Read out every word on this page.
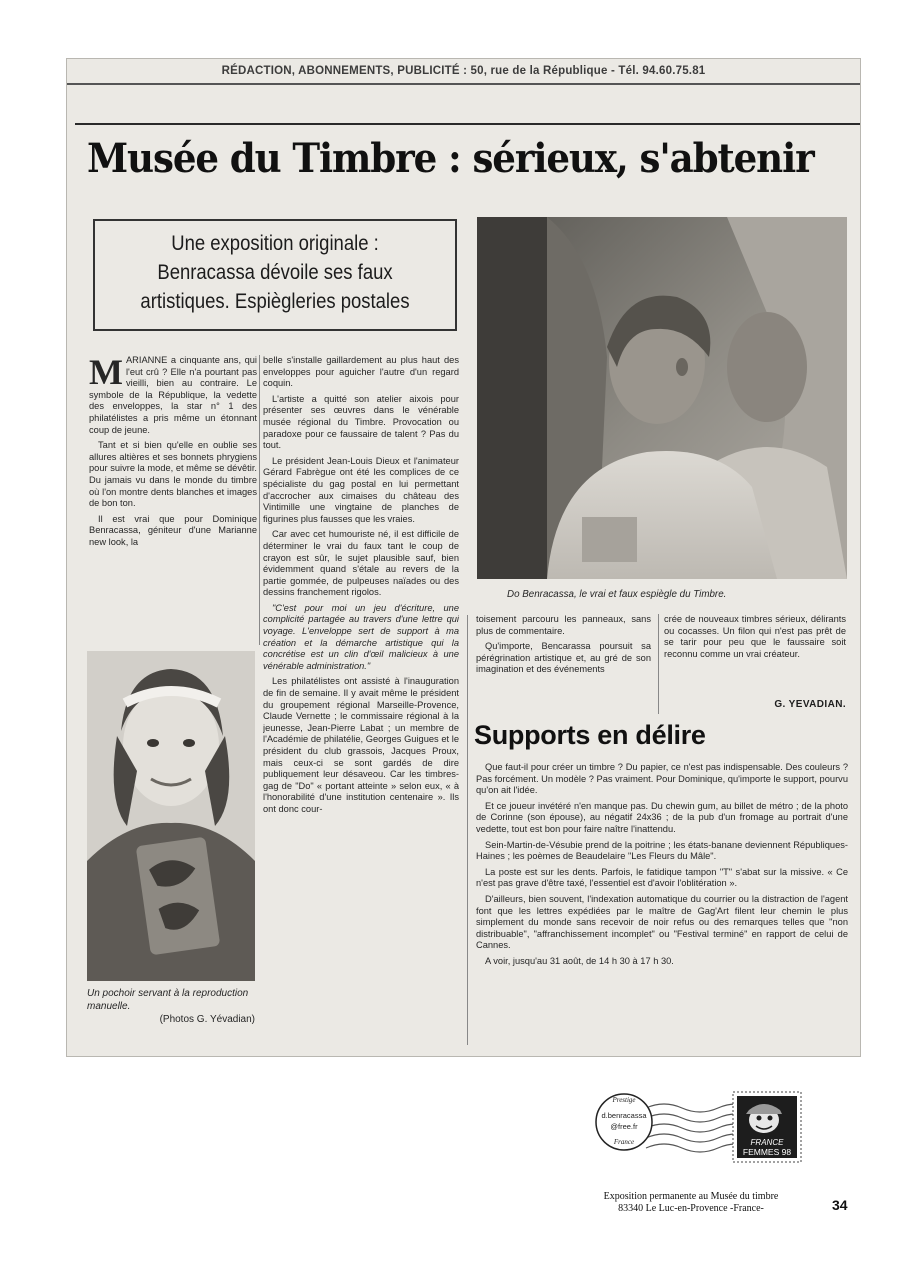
RÉDACTION, ABONNEMENTS, PUBLICITÉ : 50, rue de la République - Tél. 94.60.75.81
Musée du Timbre : sérieux, s'abtenir
Une exposition originale : Benracassa dévoile ses faux artistiques. Espiègleries postales

MARIANNE a cinquante ans, qui l'eut crû ? Elle n'a pourtant pas vieilli, bien au contraire. Le symbole de la République, la vedette des enveloppes, la star n° 1 des philatélistes a pris même un étonnant coup de jeune.

Tant et si bien qu'elle en oublie ses allures altières et ses bonnets phrygiens pour suivre la mode, et même se dévêtir. Du jamais vu dans le monde du timbre où l'on montre dents blanches et images de bon ton.

Il est vrai que pour Dominique Benracassa, géniteur d'une Marianne new look, la

belle s'installe gaillardement au plus haut des enveloppes pour aguicher l'autre d'un regard coquin.

L'artiste a quitté son atelier aixois pour présenter ses œuvres dans le vénérable musée régional du Timbre. Provocation ou paradoxe pour ce faussaire de talent ? Pas du tout.

Le président Jean-Louis Dieux et l'animateur Gérard Fabrègue ont été les complices de ce spécialiste du gag postal en lui permettant d'accrocher aux cimaises du château des Vintimille une vingtaine de planches de figurines plus fausses que les vraies.

Car avec cet humouriste né, il est difficile de déterminer le vrai du faux tant le coup de crayon est sûr, le sujet plausible sauf, bien évidemment quand s'étale au revers de la partie gommée, de pulpeuses naïades ou des dessins franchement rigolos.

"C'est pour moi un jeu d'écriture, une complicité partagée au travers d'une lettre qui voyage. L'enveloppe sert de support à ma création et la démarche artistique qui la concrétise est un clin d'œil malicieux à une vénérable administration."

Les philatélistes ont assisté à l'inauguration de fin de semaine. Il y avait même le président du groupement régional Marseille-Provence, Claude Vernette ; le commissaire régional à la jeunesse, Jean-Pierre Labat ; un membre de l'Académie de philatélie, Georges Guigues et le président du club grassois, Jacques Proux, mais ceux-ci se sont gardés de dire publiquement leur désaveou. Car les timbres-gag de "Do" « portant atteinte » selon eux, « à l'honorabilité d'une institution centenaire ». Ils ont donc cour-

Do Benracassa, le vrai et faux espiègle du Timbre.

toisement parcouru les panneaux, sans plus de commentaire.

Qu'importe, Bencarassa poursuit sa pérégrination artistique et, au gré de son imagination et des événements

crée de nouveaux timbres sérieux, délirants ou cocasses. Un filon qui n'est pas prêt de se tarir pour peu que le faussaire soit reconnu comme un vrai créateur.

G. YEVADIAN.
Supports en délire

Que faut-il pour créer un timbre ? Du papier, ce n'est pas indispensable. Des couleurs ? Pas forcément. Un modèle ? Pas vraiment. Pour Dominique, qu'importe le support, pourvu qu'on ait l'idée.

Et ce joueur invétéré n'en manque pas. Du chewin gum, au billet de métro ; de la photo de Corinne (son épouse), au négatif 24x36 ; de la pub d'un fromage au portrait d'une vedette, tout est bon pour faire naître l'inattendu.

Sein-Martin-de-Vésubie prend de la poitrine ; les états-banane deviennent Républiques-Haines ; les poèmes de Beaudelaire "Les Fleurs du Mâle".

La poste est sur les dents. Parfois, le fatidique tampon "T" s'abat sur la missive. « Ce n'est pas grave d'être taxé, l'essentiel est d'avoir l'oblitération ».

D'ailleurs, bien souvent, l'indexation automatique du courrier ou la distraction de l'agent font que les lettres expédiées par le maître de Gag'Art filent leur chemin le plus simplement du monde sans recevoir de noir refus ou des remarques telles que "non distribuable", "affranchissement incomplet" ou "Festival terminé" en rapport de celui de Cannes.

A voir, jusqu'au 31 août, de 14 h 30 à 17 h 30.

Un pochoir servant à la reproduction manuelle.
(Photos G. Yévadian)
Prestige
d.benracassa
@free.fr
France	FRANCE
FEMMES 98
Exposition permanente au Musée du timbre
83340 Le Luc-en-Provence -France-	34
